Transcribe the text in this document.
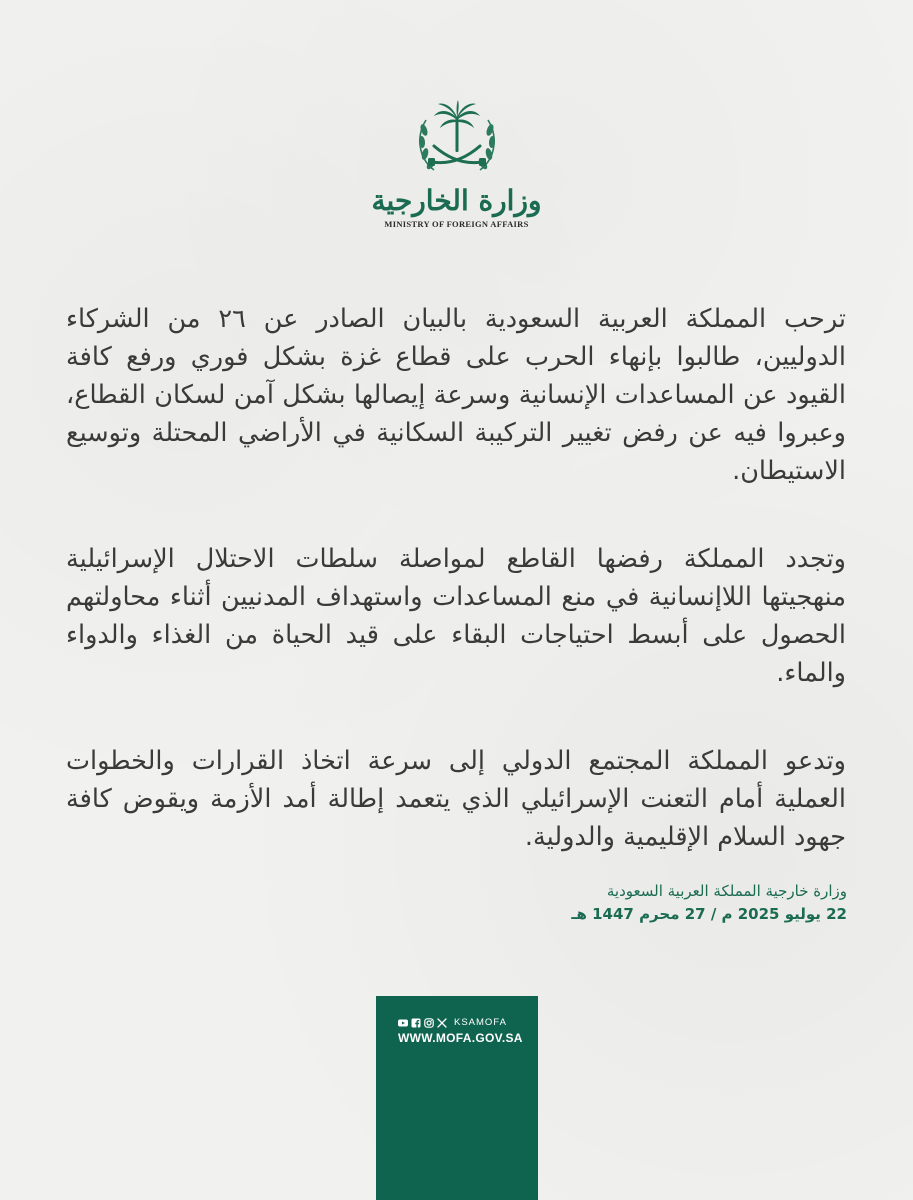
وزارة الخارجية
MINISTRY OF FOREIGN AFFAIRS

ترحب المملكة العربية السعودية بالبيان الصادر عن ٢٦ من الشركاء الدوليين، طالبوا بإنهاء الحرب على قطاع غزة بشكل فوري ورفع كافة القيود عن المساعدات الإنسانية وسرعة إيصالها بشكل آمن لسكان القطاع، وعبروا فيه عن رفض تغيير التركيبة السكانية في الأراضي المحتلة وتوسيع الاستيطان.

وتجدد المملكة رفضها القاطع لمواصلة سلطات الاحتلال الإسرائيلية منهجيتها اللاإنسانية في منع المساعدات واستهداف المدنيين أثناء محاولتهم الحصول على أبسط احتياجات البقاء على قيد الحياة من الغذاء والدواء والماء.

وتدعو المملكة المجتمع الدولي إلى سرعة اتخاذ القرارات والخطوات العملية أمام التعنت الإسرائيلي الذي يتعمد إطالة أمد الأزمة ويقوض كافة جهود السلام الإقليمية والدولية.

وزارة خارجية المملكة العربية السعودية
22 يوليو 2025 م / 27 محرم 1447 هـ
KSAMOFA
WWW.MOFA.GOV.SA
